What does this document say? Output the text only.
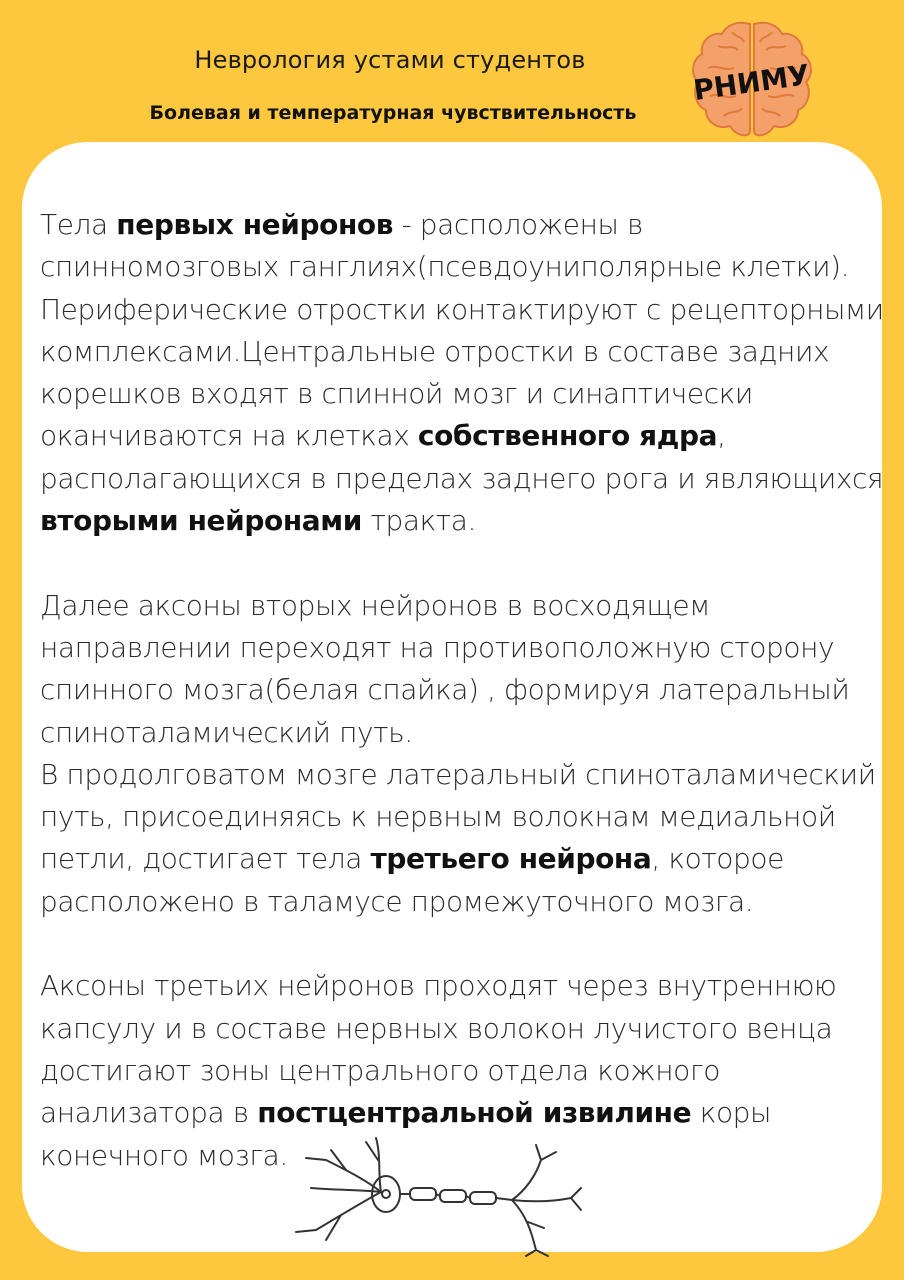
Неврология устами студентов
Болевая и температурная чувствительность
РНИМУ

Тела первых нейронов - расположены в
спинномозговых ганглиях(псевдоуниполярные клетки).
Периферические отростки контактируют с рецепторными
комплексами.Центральные отростки в составе задних
корешков входят в спинной мозг и синаптически
оканчиваются на клетках собственного ядра,
располагающихся в пределах заднего рога и являющихся
вторыми нейронами тракта.

Далее аксоны вторых нейронов в восходящем
направлении переходят на противоположную сторону
спинного мозга(белая спайка) , формируя латеральный
спиноталамический путь.

В продолговатом мозге латеральный спиноталамический
путь, присоединяясь к нервным волокнам медиальной
петли, достигает тела третьего нейрона, которое
расположено в таламусе промежуточного мозга.

Аксоны третьих нейронов проходят через внутреннюю
капсулу и в составе нервных волокон лучистого венца
достигают зоны центрального отдела кожного
анализатора в постцентральной извилине коры
конечного мозга.
